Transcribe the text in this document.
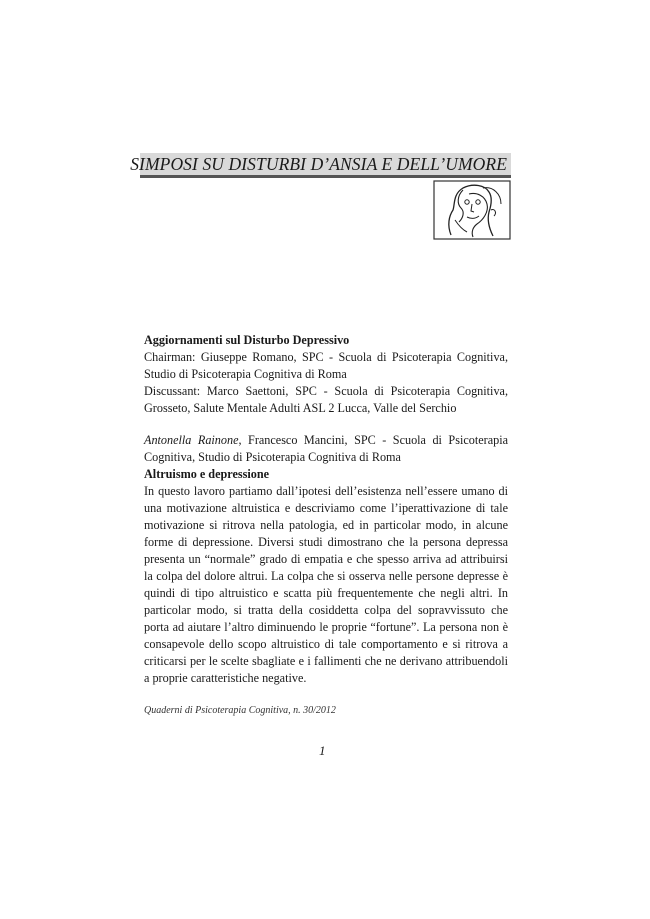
SIMPOSI SU DISTURBI D’ANSIA E DELL’UMORE

Aggiornamenti sul Disturbo Depressivo

Chairman: Giuseppe Romano, SPC - Scuola di Psicoterapia Cognitiva, Studio di Psicoterapia Cognitiva di Roma

Discussant: Marco Saettoni, SPC - Scuola di Psicoterapia Cognitiva, Grosseto, Salute Mentale Adulti ASL 2 Lucca, Valle del Serchio

Antonella Rainone, Francesco Mancini, SPC - Scuola di Psicoterapia Cognitiva, Studio di Psicoterapia Cognitiva di Roma

Altruismo e depressione

In questo lavoro partiamo dall’ipotesi dell’esistenza nell’essere umano di una motivazione altruistica e descriviamo come l’iperattivazione di tale motivazione si ritrova nella patologia, ed in particolar modo, in alcune forme di depressione. Diversi studi dimostrano che la persona depressa presenta un “normale” grado di empatia e che spesso arriva ad attribuirsi la colpa del dolore altrui. La colpa che si osserva nelle persone depresse è quindi di tipo altruistico e scatta più frequentemente che negli altri. In particolar modo, si tratta della cosiddetta colpa del sopravvissuto che porta ad aiutare l’altro diminuendo le proprie “fortune”. La persona non è consapevole dello scopo altruistico di tale comportamento e si ritrova a criticarsi per le scelte sbagliate e i fallimenti che ne derivano attribuendoli a proprie caratteristiche negative.

Quaderni di Psicoterapia Cognitiva, n. 30/2012
1
